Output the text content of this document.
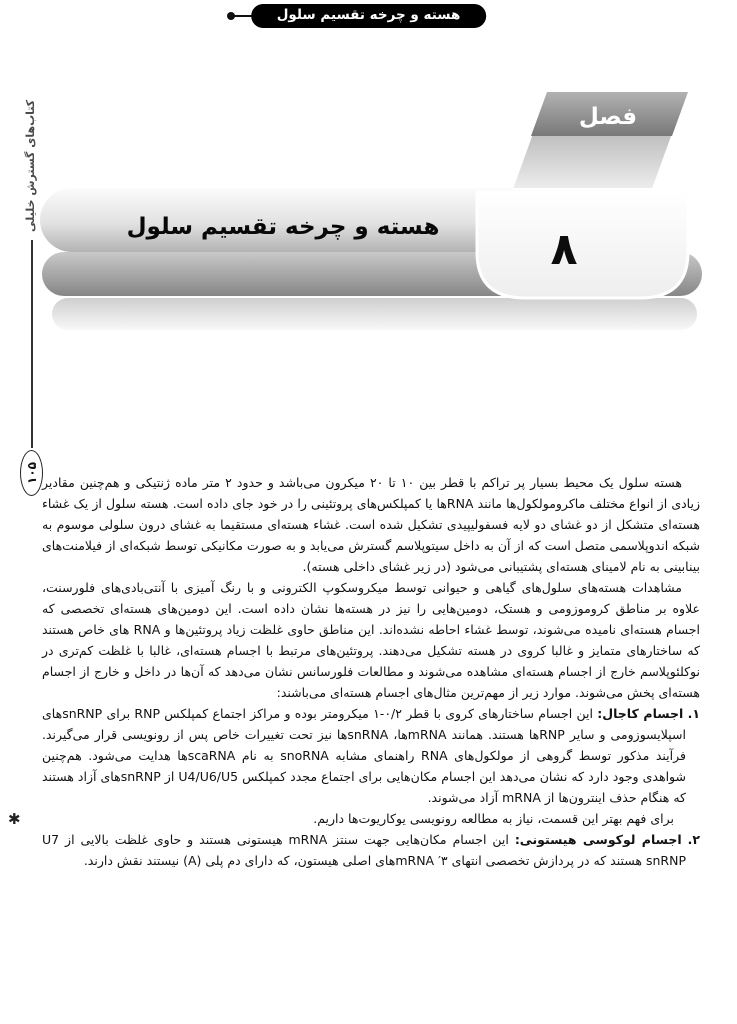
هسته و چرخه تقسیم سلول
کتاب‌های گسترش خلیلی
۱۰۵
فصل
۸
هسته و چرخه تقسیم سلول

هسته سلول یک محیط بسیار پر تراکم با قطر بین ۱۰ تا ۲۰ میکرون می‌باشد و حدود ۲ متر ماده ژنتیکی و هم‌چنین مقادیر زیادی از انواع مختلف ماکرومولکول‌ها مانند RNAها یا کمپلکس‌های پروتئینی را در خود جای داده است. هسته سلول از یک غشاء هسته‌ای متشکل از دو غشای دو لایه فسفولیپیدی تشکیل شده است. غشاء هسته‌ای مستقیما به غشای درون سلولی موسوم به شبکه اندوپلاسمی متصل است که از آن به داخل سیتوپلاسم گسترش می‌یابد و به صورت مکانیکی توسط شبکه‌ای از فیلامنت‌های بینابینی به نام لامینای هسته‌ای پشتیبانی می‌شود (در زیر غشای داخلی هسته).

مشاهدات هسته‌های سلول‌های گیاهی و حیوانی توسط میکروسکوپ الکترونی و با رنگ آمیزی با آنتی‌بادی‌های فلورسنت، علاوه بر مناطق کروموزومی و هستک، دومین‌هایی را نیز در هسته‌ها نشان داده است. این دومین‌های هسته‌ای تخصصی که اجسام هسته‌ای نامیده می‌شوند، توسط غشاء احاطه نشده‌اند. این مناطق حاوی غلظت زیاد پروتئین‌ها و RNA های خاص هستند که ساختارهای متمایز و غالبا کروی در هسته تشکیل می‌دهند. پروتئین‌های مرتبط با اجسام هسته‌ای، غالبا با غلظت کم‌تری در نوکلئوپلاسم خارج از اجسام هسته‌ای مشاهده می‌شوند و مطالعات فلورسانس نشان می‌دهد که آن‌ها در داخل و خارج از اجسام هسته‌ای پخش می‌شوند. موارد زیر از مهم‌ترین مثال‌های اجسام هسته‌ای می‌باشند:

۱. اجسام کاجال: این اجسام ساختارهای کروی با قطر ۰/۲-۱ میکرومتر بوده و مراکز اجتماع کمپلکس RNP برای snRNPهای اسپلایسوزومی و سایر RNPها هستند. همانند mRNAها، snRNAها نیز تحت تغییرات خاص پس از رونویسی قرار می‌گیرند. فرآیند مذکور توسط گروهی از مولکول‌های RNA راهنمای مشابه snoRNA به نام scaRNAها هدایت می‌شود. هم‌چنین شواهدی وجود دارد که نشان می‌دهد این اجسام مکان‌هایی برای اجتماع مجدد کمپلکس U4/U6/U5 از snRNPهای آزاد هستند که هنگام حذف اینترون‌ها از mRNA آزاد می‌شوند.

✱	برای فهم بهتر این قسمت، نیاز به مطالعه رونویسی یوکاریوت‌ها داریم.

۲. اجسام لوکوسی هیستونی: این اجسام مکان‌هایی جهت سنتز mRNA هیستونی هستند و حاوی غلظت بالایی از U7 snRNP هستند که در پردازش تخصصی انتهای ۳′ mRNAهای اصلی هیستون، که دارای دم پلی (A) نیستند نقش دارند.
